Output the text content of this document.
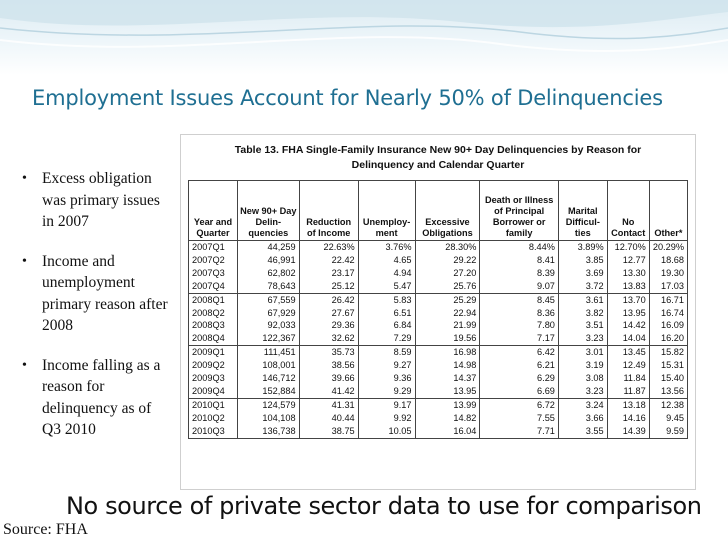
Employment Issues Account for Nearly 50% of Delinquencies
• Excess obligation was primary issues in 2007
• Income and unemployment primary reason after 2008
• Income falling as a reason for delinquency as of Q3 2010
Table 13. FHA Single-Family Insurance New 90+ Day Delinquencies by Reason for
Delinquency and Calendar Quarter
Year and Quarter	New 90+ Day Delin-quencies	Reduction of Income	Unemploy-ment	Excessive Obligations	Death or Illness of Principal Borrower or family	Marital Difficul-ties	No Contact	Other*
2007Q1	44,259	22.63%	3.76%	28.30%	8.44%	3.89%	12.70%	20.29%
2007Q2	46,991	22.42	4.65	29.22	8.41	3.85	12.77	18.68
2007Q3	62,802	23.17	4.94	27.20	8.39	3.69	13.30	19.30
2007Q4	78,643	25.12	5.47	25.76	9.07	3.72	13.83	17.03
2008Q1	67,559	26.42	5.83	25.29	8.45	3.61	13.70	16.71
2008Q2	67,929	27.67	6.51	22.94	8.36	3.82	13.95	16.74
2008Q3	92,033	29.36	6.84	21.99	7.80	3.51	14.42	16.09
2008Q4	122,367	32.62	7.29	19.56	7.17	3.23	14.04	16.20
2009Q1	111,451	35.73	8.59	16.98	6.42	3.01	13.45	15.82
2009Q2	108,001	38.56	9.27	14.98	6.21	3.19	12.49	15.31
2009Q3	146,712	39.66	9.36	14.37	6.29	3.08	11.84	15.40
2009Q4	152,884	41.42	9.29	13.95	6.69	3.23	11.87	13.56
2010Q1	124,579	41.31	9.17	13.99	6.72	3.24	13.18	12.38
2010Q2	104,108	40.44	9.92	14.82	7.55	3.66	14.16	9.45
2010Q3	136,738	38.75	10.05	16.04	7.71	3.55	14.39	9.59
No source of private sector data to use for comparison
Source: FHA
